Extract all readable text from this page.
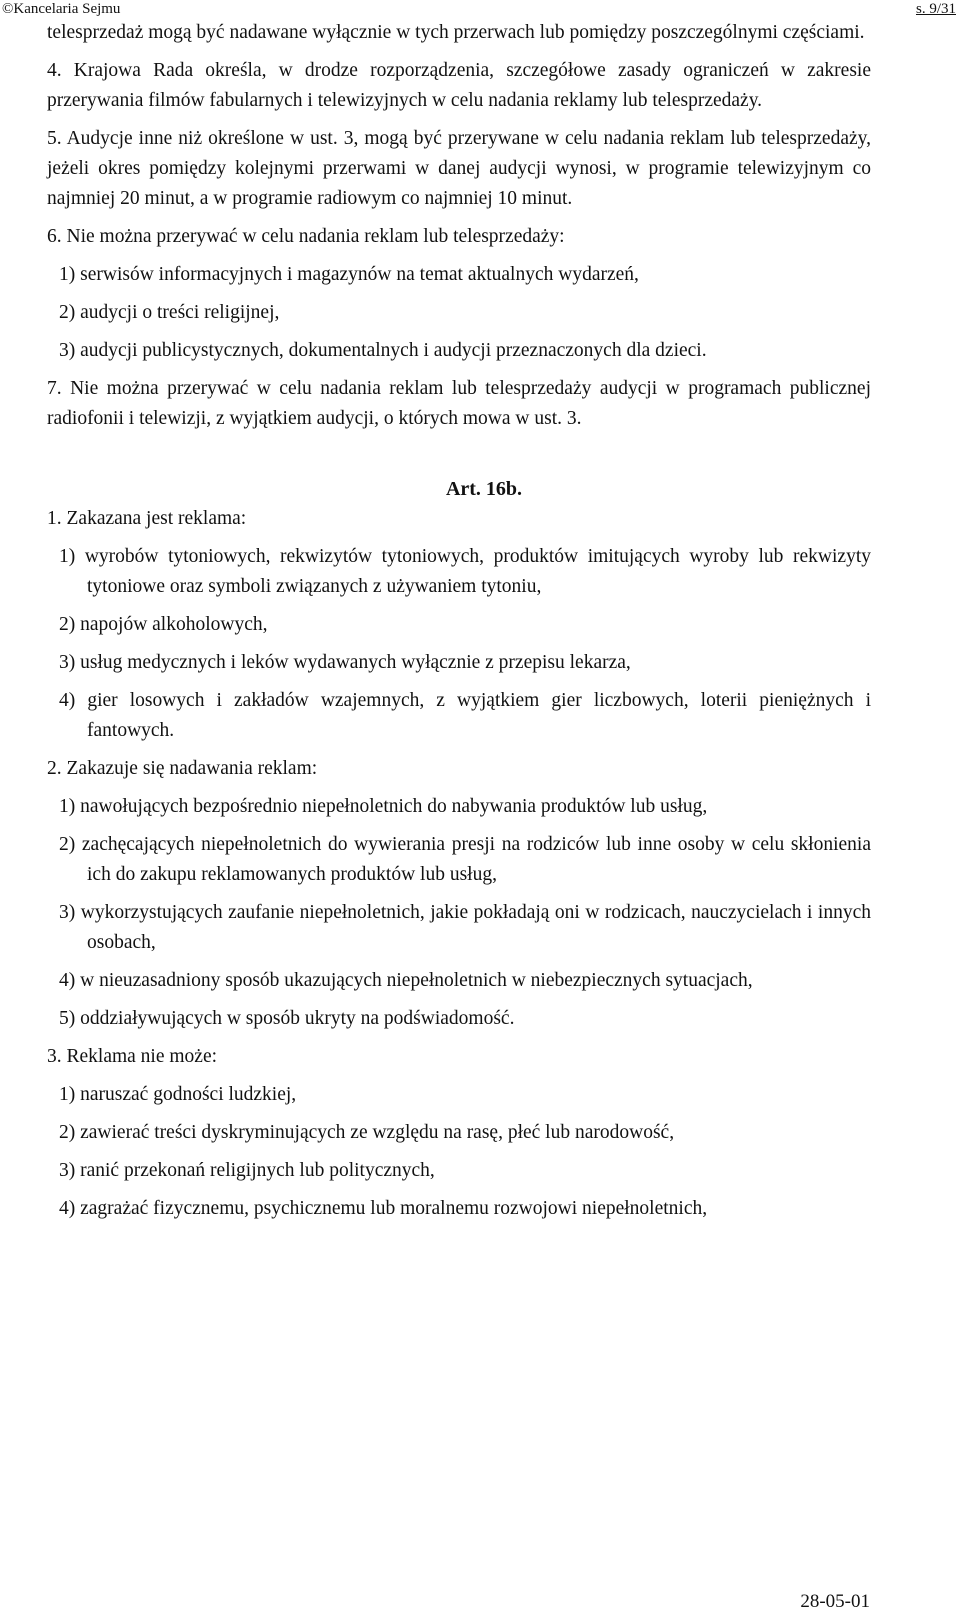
©Kancelaria Sejmu	s. 9/31

telesprzedaż mogą być nadawane wyłącznie w tych przerwach lub pomiędzy poszczególnymi częściami.

4. Krajowa Rada określa, w drodze rozporządzenia, szczegółowe zasady ograniczeń w zakresie przerywania filmów fabularnych i telewizyjnych w celu nadania reklamy lub telesprzedaży.

5. Audycje inne niż określone w ust. 3, mogą być przerywane w celu nadania reklam lub telesprzedaży, jeżeli okres pomiędzy kolejnymi przerwami w danej audycji wynosi, w programie telewizyjnym co najmniej 20 minut, a w programie radiowym co najmniej 10 minut.

6. Nie można przerywać w celu nadania reklam lub telesprzedaży:

1) serwisów informacyjnych i magazynów na temat aktualnych wydarzeń,

2) audycji o treści religijnej,

3) audycji publicystycznych, dokumentalnych i audycji przeznaczonych dla dzieci.

7. Nie można przerywać w celu nadania reklam lub telesprzedaży audycji w programach publicznej radiofonii i telewizji, z wyjątkiem audycji, o których mowa w ust. 3.

Art. 16b.

1. Zakazana jest reklama:

1) wyrobów tytoniowych, rekwizytów tytoniowych, produktów imitujących wyroby lub rekwizyty tytoniowe oraz symboli związanych z używaniem tytoniu,

2) napojów alkoholowych,

3) usług medycznych i leków wydawanych wyłącznie z przepisu lekarza,

4) gier losowych i zakładów wzajemnych, z wyjątkiem gier liczbowych, loterii pieniężnych i fantowych.

2. Zakazuje się nadawania reklam:

1) nawołujących bezpośrednio niepełnoletnich do nabywania produktów lub usług,

2) zachęcających niepełnoletnich do wywierania presji na rodziców lub inne osoby w celu skłonienia ich do zakupu reklamowanych produktów lub usług,

3) wykorzystujących zaufanie niepełnoletnich, jakie pokładają oni w rodzicach, nauczycielach i innych osobach,

4) w nieuzasadniony sposób ukazujących niepełnoletnich w niebezpiecznych sytuacjach,

5) oddziaływujących w sposób ukryty na podświadomość.

3. Reklama nie może:

1) naruszać godności ludzkiej,

2) zawierać treści dyskryminujących ze względu na rasę, płeć lub narodowość,

3) ranić przekonań religijnych lub politycznych,

4) zagrażać fizycznemu, psychicznemu lub moralnemu rozwojowi niepełnoletnich,

28-05-01
